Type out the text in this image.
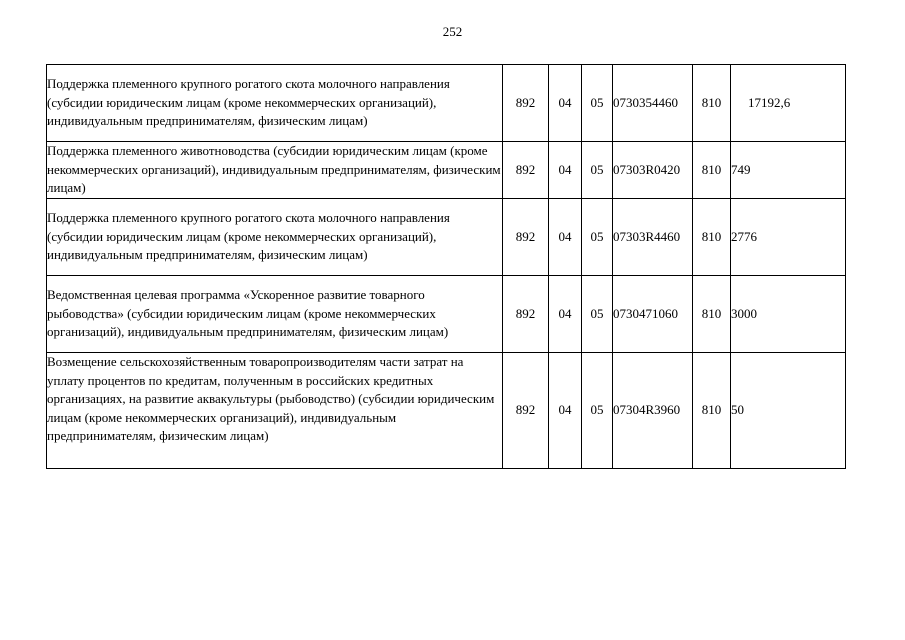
252
Поддержка племенного крупного рогатого скота молочного направления (субсидии юридическим лицам (кроме некоммерческих организаций), индивидуальным предпринимателям, физическим лицам)	892	04	05	0730354460	810	17192,6
Поддержка племенного животноводства (субсидии юридическим лицам (кроме некоммерческих организаций), индивидуальным предпринимателям, физическим лицам)	892	04	05	07303R0420	810	749
Поддержка племенного крупного рогатого скота молочного направления (субсидии юридическим лицам (кроме некоммерческих организаций), индивидуальным предпринимателям, физическим лицам)	892	04	05	07303R4460	810	2776
Ведомственная целевая программа «Ускоренное развитие товарного рыбоводства» (субсидии юридическим лицам (кроме некоммерческих организаций), индивидуальным предпринимателям, физическим лицам)	892	04	05	0730471060	810	3000
Возмещение сельскохозяйственным товаропроизводителям части затрат на уплату процентов по кредитам, полученным в российских кредитных организациях, на развитие аквакультуры (рыбоводство) (субсидии юридическим лицам (кроме некоммерческих организаций), индивидуальным предпринимателям, физическим лицам)	892	04	05	07304R3960	810	50
